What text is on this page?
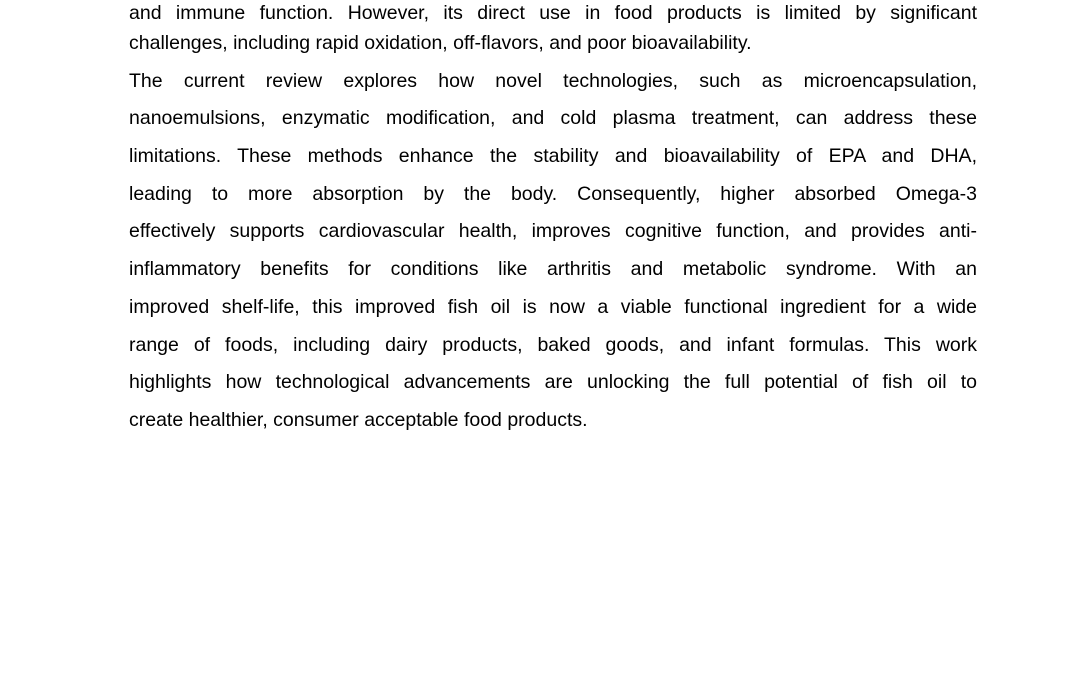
and immune function. However, its direct use in food products is limited by significant
challenges, including rapid oxidation, off-flavors, and poor bioavailability.
The current review explores how novel technologies, such as microencapsulation,
nanoemulsions, enzymatic modification, and cold plasma treatment, can address these
limitations. These methods enhance the stability and bioavailability of EPA and DHA,
leading to more absorption by the body. Consequently, higher absorbed Omega-3
effectively supports cardiovascular health, improves cognitive function, and provides anti-
inflammatory benefits for conditions like arthritis and metabolic syndrome. With an
improved shelf-life, this improved fish oil is now a viable functional ingredient for a wide
range of foods, including dairy products, baked goods, and infant formulas. This work
highlights how technological advancements are unlocking the full potential of fish oil to
create healthier, consumer acceptable food products.
